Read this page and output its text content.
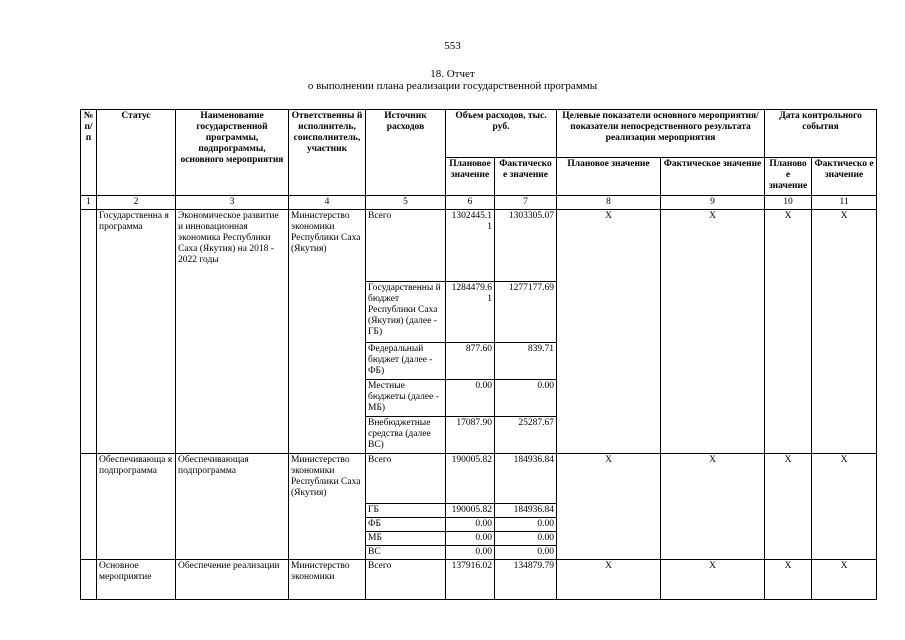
553
18. Отчет
о выполнении плана реализации государственной программы
№ п/п	Статус	Наименование государственной программы, подпрограммы, основного мероприятия	Ответственны й исполнитель, соисполнитель, участник	Источник расходов	Объем расходов, тыс. руб.		Целевые показатели основного мероприятия/показатели непосредственного результата реализации мероприятия		Дата контрольного события	
					Плановое значение	Фактическо е значение	Плановое значение	Фактическое значение	Планово е значение	Фактическо е значение
1	2	3	4	5	6	7	8	9	10	11
	Государственна я программа	Экономическое развитие и инновационная экономика Республики Саха (Якутия) на 2018 - 2022 годы	Министерство экономики Республики Саха (Якутия)	Всего	1302445.1 1	1303305.07	X	X	X	X
				Государственны й бюджет Республики Саха (Якутия) (далее - ГБ)	1284479.6 1	1277177.69				
				Федеральный бюджет (далее - ФБ)	877.60	839.71				
				Местные бюджеты (далее - МБ)	0.00	0.00				
				Внебюджетные средства (далее ВС)	17087.90	25287.67				
	Обеспечивающа я подпрограмма	Обеспечивающая подпрограмма	Министерство экономики Республики Саха (Якутия)	Всего	190005.82	184936.84	X	X	X	X
				ГБ	190005.82	184936.84				
				ФБ	0.00	0.00				
				МБ	0.00	0.00				
				ВС	0.00	0.00				
	Основное мероприятие	Обеспечение реализации	Министерство экономики	Всего	137916.02	134879.79	X	X	X	X
